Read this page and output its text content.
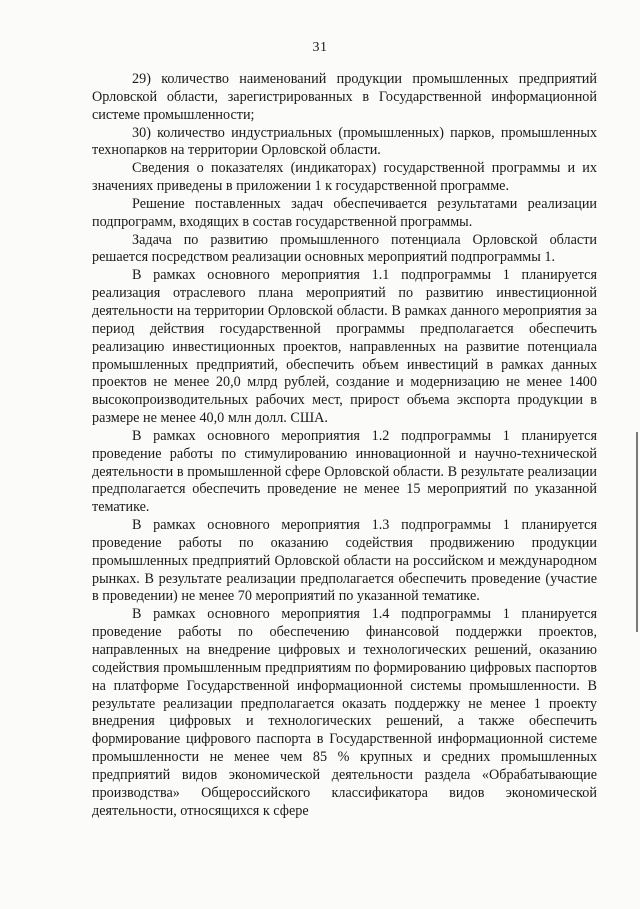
31

29) количество наименований продукции промышленных предприятий Орловской области, зарегистрированных в Государственной информационной системе промышленности;

30) количество индустриальных (промышленных) парков, промышленных технопарков на территории Орловской области.

Сведения о показателях (индикаторах) государственной программы и их значениях приведены в приложении 1 к государственной программе.

Решение поставленных задач обеспечивается результатами реализации подпрограмм, входящих в состав государственной программы.

Задача по развитию промышленного потенциала Орловской области решается посредством реализации основных мероприятий подпрограммы 1.

В рамках основного мероприятия 1.1 подпрограммы 1 планируется реализация отраслевого плана мероприятий по развитию инвестиционной деятельности на территории Орловской области. В рамках данного мероприятия за период действия государственной программы предполагается обеспечить реализацию инвестиционных проектов, направленных на развитие потенциала промышленных предприятий, обеспечить объем инвестиций в рамках данных проектов не менее 20,0 млрд рублей, создание и модернизацию не менее 1400 высокопроизводительных рабочих мест, прирост объема экспорта продукции в размере не менее 40,0 млн долл. США.

В рамках основного мероприятия 1.2 подпрограммы 1 планируется проведение работы по стимулированию инновационной и научно-технической деятельности в промышленной сфере Орловской области. В результате реализации предполагается обеспечить проведение не менее 15 мероприятий по указанной тематике.

В рамках основного мероприятия 1.3 подпрограммы 1 планируется проведение работы по оказанию содействия продвижению продукции промышленных предприятий Орловской области на российском и международном рынках. В результате реализации предполагается обеспечить проведение (участие в проведении) не менее 70 мероприятий по указанной тематике.

В рамках основного мероприятия 1.4 подпрограммы 1 планируется проведение работы по обеспечению финансовой поддержки проектов, направленных на внедрение цифровых и технологических решений, оказанию содействия промышленным предприятиям по формированию цифровых паспортов на платформе Государственной информационной системы промышленности. В результате реализации предполагается оказать поддержку не менее 1 проекту внедрения цифровых и технологических решений, а также обеспечить формирование цифрового паспорта в Государственной информационной системе промышленности не менее чем 85 % крупных и средних промышленных предприятий видов экономической деятельности раздела «Обрабатывающие производства» Общероссийского классификатора видов экономической деятельности, относящихся к сфере
